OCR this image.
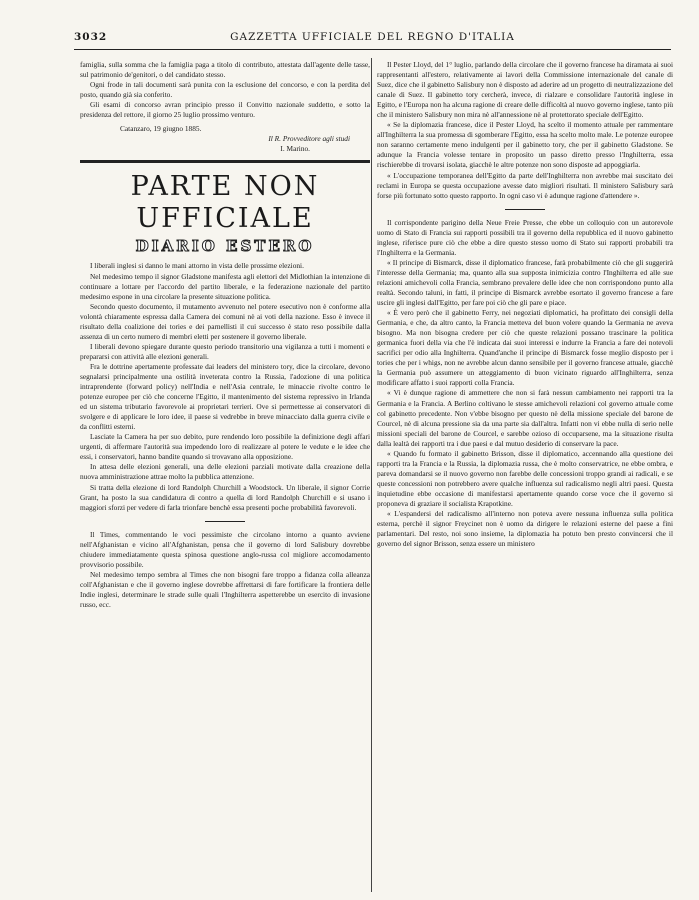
3032	GAZZETTA UFFICIALE DEL REGNO D'ITALIA

famiglia, sulla somma che la famiglia paga a titolo di contributo, attestata dall'agente delle tasse, sul patrimonio de'genitori, o del candidato stesso.

Ogni frode in tali documenti sarà punita con la esclusione del concorso, e con la perdita del posto, quando già sia conferito.

Gli esami di concorso avran principio presso il Convitto nazionale suddetto, e sotto la presidenza del rettore, il giorno 25 luglio prossimo venturo.

Catanzaro, 19 giugno 1885.

Il R. Provveditore agli studi

I. Marino.

PARTE NON UFFICIALE
DIARIO ESTERO

I liberali inglesi si danno le mani attorno in vista delle prossime elezioni.

Nel medesimo tempo il signor Gladstone manifesta agli elettori del Midlothian la intenzione di continuare a lottare per l'accordo del partito liberale, e la federazione nazionale del partito medesimo espone in una circolare la presente situazione politica.

Secondo questo documento, il mutamento avvenuto nel potere esecutivo non è conforme alla volontà chiaramente espressa dalla Camera dei comuni nè ai voti della nazione. Esso è invece il risultato della coalizione dei tories e dei parnellisti il cui successo è stato reso possibile dalla assenza di un certo numero di membri eletti per sostenere il governo liberale.

I liberali devono spiegare durante questo periodo transitorio una vigilanza a tutti i momenti e prepararsi con attività alle elezioni generali.

Fra le dottrine apertamente professate dai leaders del ministero tory, dice la circolare, devono segnalarsi principalmente una ostilità inveterata contro la Russia, l'adozione di una politica intraprendente (forward policy) nell'India e nell'Asia centrale, le minaccie rivolte contro le potenze europee per ciò che concerne l'Egitto, il mantenimento del sistema repressivo in Irlanda ed un sistema tributario favorevole ai proprietari terrieri. Ove si permettesse ai conservatori di svolgere e di applicare le loro idee, il paese si vedrebbe in breve minacciato dalla guerra civile e da conflitti esterni.

Lasciate la Camera ha per suo debito, pure rendendo loro possibile la definizione degli affari urgenti, di affermare l'autorità sua impedendo loro di realizzare al potere le vedute e le idee che essi, i conservatori, hanno bandite quando si trovavano alla opposizione.

In attesa delle elezioni generali, una delle elezioni parziali motivate dalla creazione della nuova amministrazione attrae molto la pubblica attenzione.

Si tratta della elezione di lord Randolph Churchill a Woodstock. Un liberale, il signor Corrie Grant, ha posto la sua candidatura di contro a quella di lord Randolph Churchill e si usano i maggiori sforzi per vedere di farla trionfare benchè essa presenti poche probabilità favorevoli.

Il Times, commentando le voci pessimiste che circolano intorno a quanto avviene nell'Afghanistan e vicino all'Afghanistan, pensa che il governo di lord Salisbury dovrebbe chiudere immediatamente questa spinosa questione anglo-russa col migliore accomodamento provvisorio possibile.

Nel medesimo tempo sembra al Times che non bisogni fare troppo a fidanza colla alleanza coll'Afghanistan e che il governo inglese dovrebbe affrettarsi di fare fortificare la frontiera delle Indie inglesi, determinare le strade sulle quali l'Inghilterra aspetterebbe un esercito di invasione russo, ecc.

Il Pester Lloyd, del 1° luglio, parlando della circolare che il governo francese ha diramata ai suoi rappresentanti all'estero, relativamente ai lavori della Commissione internazionale del canale di Suez, dice che il gabinetto Salisbury non è disposto ad aderire ad un progetto di neutralizzazione del canale di Suez. Il gabinetto tory cercherà, invece, di rialzare e consolidare l'autorità inglese in Egitto, e l'Europa non ha alcuna ragione di creare delle difficoltà al nuovo governo inglese, tanto più che il ministero Salisbury non mira nè all'annessione nè al protettorato speciale dell'Egitto.

« Se la diplomazia francese, dice il Pester Lloyd, ha scelto il momento attuale per rammentare all'Inghilterra la sua promessa di sgomberare l'Egitto, essa ha scelto molto male. Le potenze europee non saranno certamente meno indulgenti per il gabinetto tory, che per il gabinetto Gladstone. Se adunque la Francia volesse tentare in proposito un passo diretto presso l'Inghilterra, essa rischierebbe di trovarsi isolata, giacchè le altre potenze non sono disposte ad appoggiarla.

« L'occupazione temporanea dell'Egitto da parte dell'Inghilterra non avrebbe mai suscitato dei reclami in Europa se questa occupazione avesse dato migliori risultati. Il ministero Salisbury sarà forse più fortunato sotto questo rapporto. In ogni caso vi è adunque ragione d'attendere ».

Il corrispondente parigino della Neue Freie Presse, che ebbe un colloquio con un autorevole uomo di Stato di Francia sui rapporti possibili tra il governo della repubblica ed il nuovo gabinetto inglese, riferisce pure ciò che ebbe a dire questo stesso uomo di Stato sui rapporti probabili tra l'Inghilterra e la Germania.

« Il principe di Bismarck, disse il diplomatico francese, farà probabilmente ciò che gli suggerirà l'interesse della Germania; ma, quanto alla sua supposta inimicizia contro l'Inghilterra ed alle sue relazioni amichevoli colla Francia, sembrano prevalere delle idee che non corrispondono punto alla realtà. Secondo taluni, in fatti, il principe di Bismarck avrebbe esortato il governo francese a fare uscire gli inglesi dall'Egitto, per fare poi ciò che gli pare e piace.

« È vero però che il gabinetto Ferry, nei negoziati diplomatici, ha profittato dei consigli della Germania, e che, da altro canto, la Francia metteva del buon volere quando la Germania ne aveva bisogno. Ma non bisogna credere per ciò che queste relazioni possano trascinare la politica germanica fuori della via che l'è indicata dai suoi interessi e indurre la Francia a fare dei notevoli sacrifici per odio alla Inghilterra. Quand'anche il principe di Bismarck fosse meglio disposto per i tories che per i whigs, non ne avrebbe alcun danno sensibile per il governo francese attuale, giacchè la Germania può assumere un atteggiamento di buon vicinato riguardo all'Inghilterra, senza modificare affatto i suoi rapporti colla Francia.

« Vi è dunque ragione di ammettere che non si farà nessun cambiamento nei rapporti tra la Germania e la Francia. A Berlino coltivano le stesse amichevoli relazioni col governo attuale come col gabinetto precedente. Non v'ebbe bisogno per questo nè della missione speciale del barone de Courcel, nè di alcuna pressione sia da una parte sia dall'altra. Infatti non vi ebbe nulla di serio nelle missioni speciali del barone de Courcel, e sarebbe ozioso di occuparsene, ma la situazione risulta dalla lealtà dei rapporti tra i due paesi e dal mutuo desiderio di conservare la pace.

« Quando fu formato il gabinetto Brisson, disse il diplomatico, accennando alla questione dei rapporti tra la Francia e la Russia, la diplomazia russa, che è molto conservatrice, ne ebbe ombra, e pareva domandarsi se il nuovo governo non farebbe delle concessioni troppo grandi ai radicali, e se queste concessioni non potrebbero avere qualche influenza sul radicalismo negli altri paesi. Questa inquietudine ebbe occasione di manifestarsi apertamente quando corse voce che il governo si proponeva di graziare il socialista Krapotkine.

« L'espandersi del radicalismo all'interno non poteva avere nessuna influenza sulla politica esterna, perchè il signor Freycinet non è uomo da dirigere le relazioni esterne del paese a fini parlamentari. Del resto, noi sono insieme, la diplomazia ha potuto ben presto convincersi che il governo del signor Brisson, senza essere un ministero
